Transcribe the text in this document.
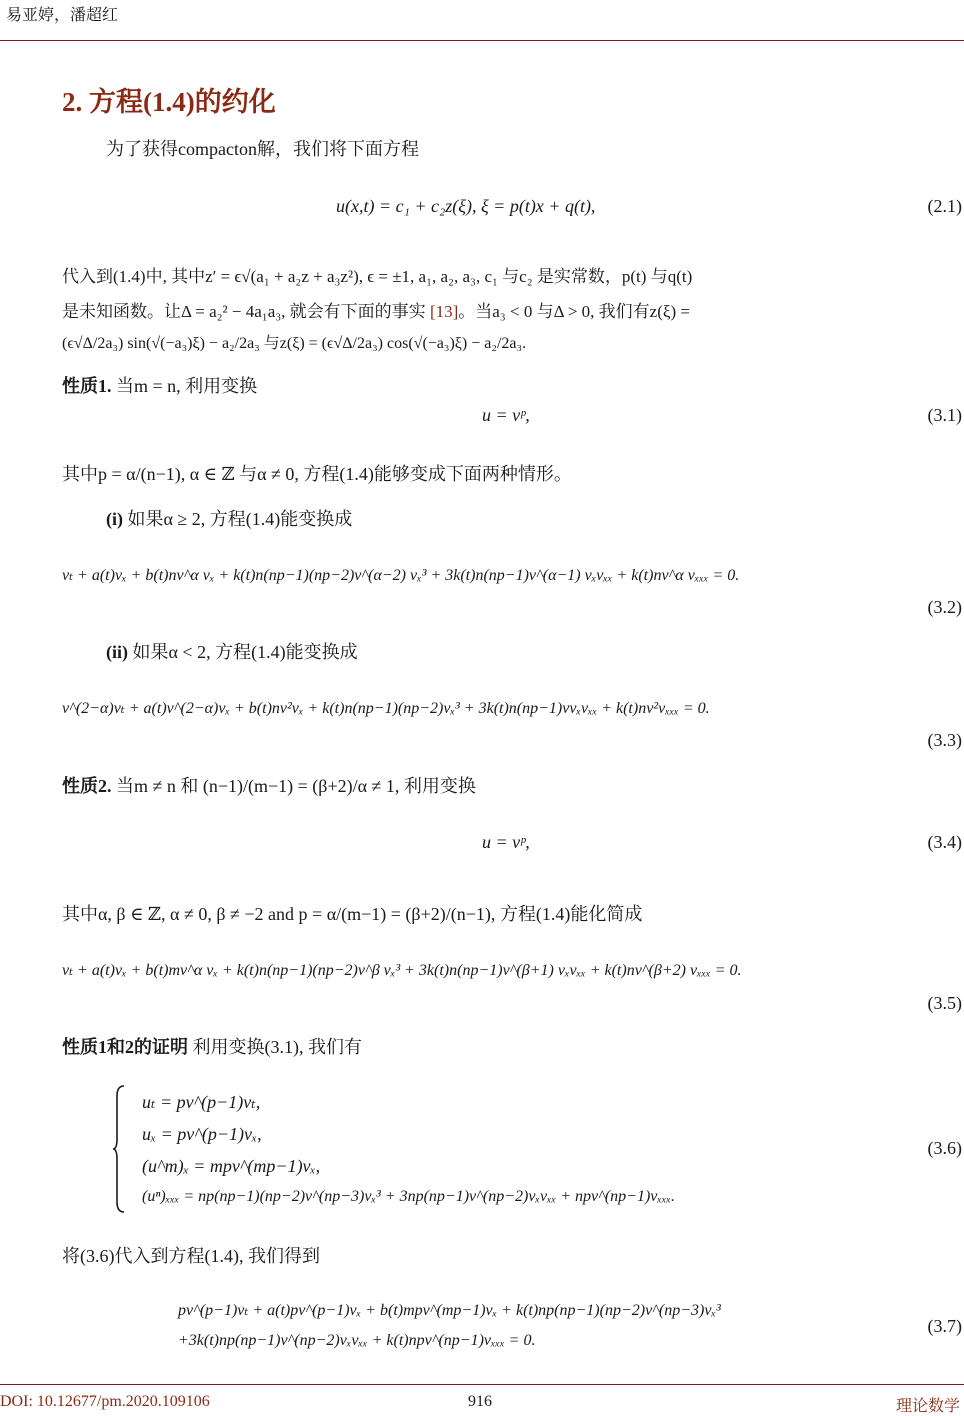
易亚婷，潘超红
2. 方程(1.4)的约化
为了获得compacton解，我们将下面方程
u(x,t) = c₁ + c₂z(ξ), ξ = p(t)x + q(t),	(2.1)
代入到(1.4)中, 其中z′ = ϵ√(a₁ + a₂z + a₃z²), ϵ = ±1, a₁, a₂, a₃, c₁ 与c₂ 是实常数，p(t) 与q(t)
是未知函数。让Δ = a₂² − 4a₁a₃, 就会有下面的事实 [13]。当a₃ < 0 与Δ > 0, 我们有z(ξ) =
(ϵ√Δ/2a₃) sin(√(−a₃)ξ) − a₂/2a₃ 与z(ξ) = (ϵ√Δ/2a₃) cos(√(−a₃)ξ) − a₂/2a₃.
性质1. 当m = n, 利用变换
u = vᵖ,	(3.1)
其中p = α/(n−1), α ∈ ℤ 与α ≠ 0, 方程(1.4)能够变成下面两种情形。
(i) 如果α ≥ 2, 方程(1.4)能变换成
vₜ + a(t)vₓ + b(t)nv^α vₓ + k(t)n(np−1)(np−2)v^(α−2) vₓ³ + 3k(t)n(np−1)v^(α−1) vₓvₓₓ + k(t)nv^α vₓₓₓ = 0.
(3.2)
(ii) 如果α < 2, 方程(1.4)能变换成
v^(2−α)vₜ + a(t)v^(2−α)vₓ + b(t)nv²vₓ + k(t)n(np−1)(np−2)vₓ³ + 3k(t)n(np−1)vvₓvₓₓ + k(t)nv²vₓₓₓ = 0.
(3.3)
性质2. 当m ≠ n 和 (n−1)/(m−1) = (β+2)/α ≠ 1, 利用变换
u = vᵖ,	(3.4)
其中α, β ∈ ℤ, α ≠ 0, β ≠ −2 and p = α/(m−1) = (β+2)/(n−1), 方程(1.4)能化简成
vₜ + a(t)vₓ + b(t)mv^α vₓ + k(t)n(np−1)(np−2)v^β vₓ³ + 3k(t)n(np−1)v^(β+1) vₓvₓₓ + k(t)nv^(β+2) vₓₓₓ = 0.
(3.5)
性质1和2的证明 利用变换(3.1), 我们有
uₜ = pv^(p−1)vₜ,
uₓ = pv^(p−1)vₓ,
(u^m)ₓ = mpv^(mp−1)vₓ,
(uⁿ)ₓₓₓ = np(np−1)(np−2)v^(np−3)vₓ³ + 3np(np−1)v^(np−2)vₓvₓₓ + npv^(np−1)vₓₓₓ.
(3.6)
将(3.6)代入到方程(1.4), 我们得到
pv^(p−1)vₜ + a(t)pv^(p−1)vₓ + b(t)mpv^(mp−1)vₓ + k(t)np(np−1)(np−2)v^(np−3)vₓ³
+3k(t)np(np−1)v^(np−2)vₓvₓₓ + k(t)npv^(np−1)vₓₓₓ = 0.
(3.7)
DOI: 10.12677/pm.2020.109106	916	理论数学
